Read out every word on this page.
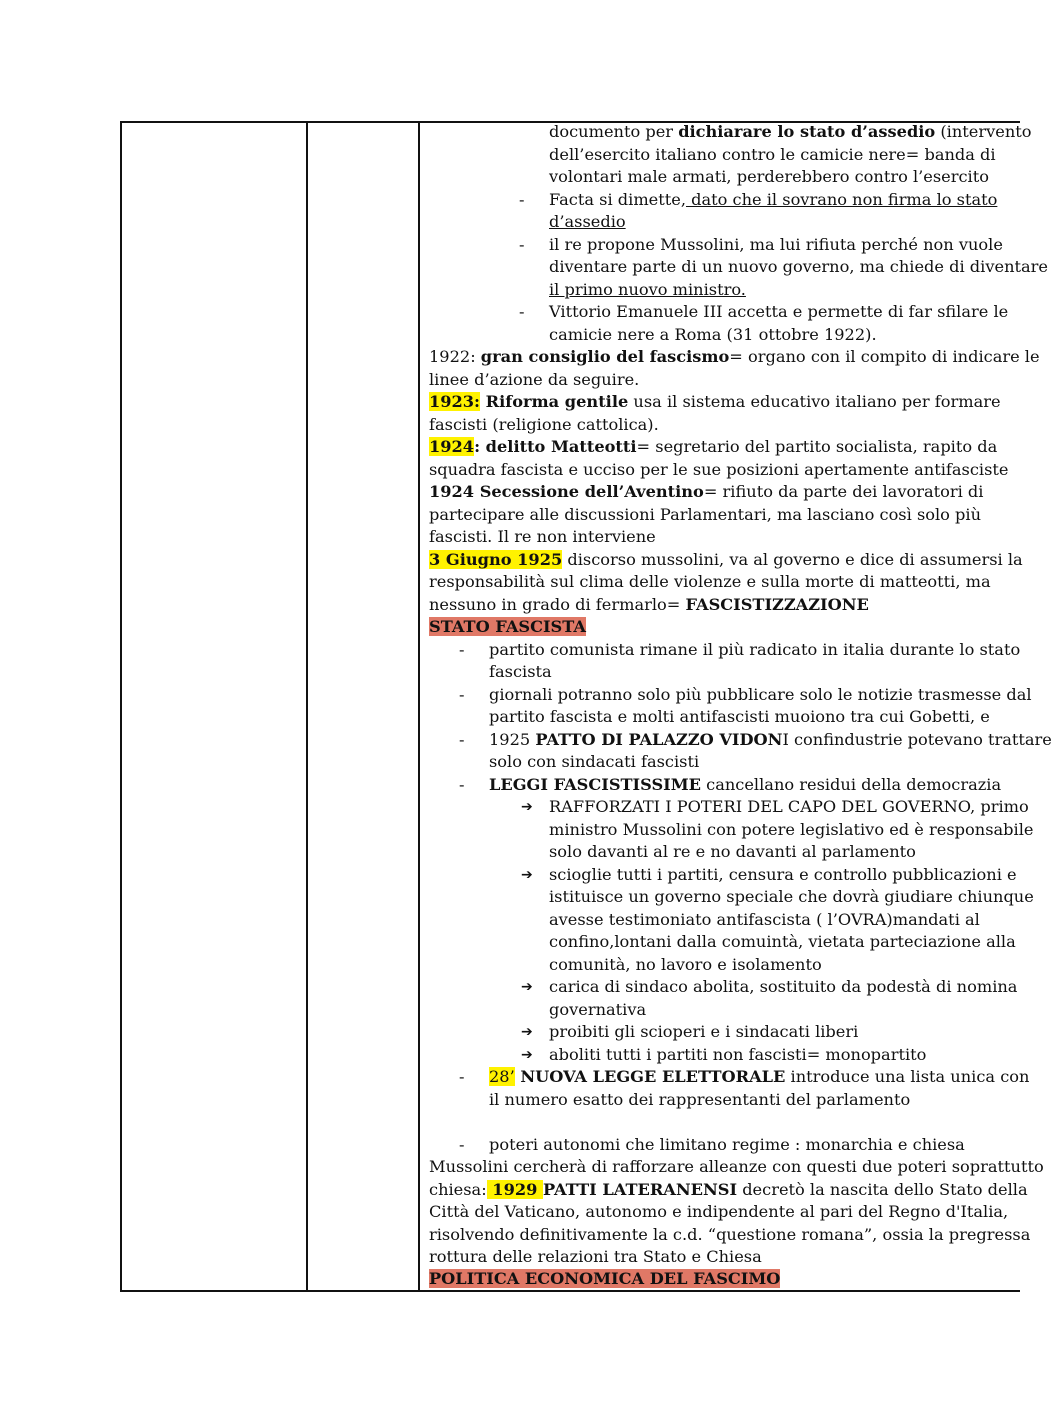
documento per dichiarare lo stato d’assedio (intervento
dell’esercito italiano contro le camicie nere= banda di
volontari male armati, perderebbero contro l’esercito
- Facta si dimette, dato che il sovrano non firma lo stato
d’assedio
- il re propone Mussolini, ma lui rifiuta perché non vuole
diventare parte di un nuovo governo, ma chiede di diventare
il primo nuovo ministro.
- Vittorio Emanuele III accetta e permette di far sfilare le
camicie nere a Roma (31 ottobre 1922).
1922: gran consiglio del fascismo= organo con il compito di indicare le
linee d’azione da seguire.
1923: Riforma gentile usa il sistema educativo italiano per formare
fascisti (religione cattolica).
1924: delitto Matteotti= segretario del partito socialista, rapito da
squadra fascista e ucciso per le sue posizioni apertamente antifasciste
1924 Secessione dell’Aventino= rifiuto da parte dei lavoratori di
partecipare alle discussioni Parlamentari, ma lasciano così solo più
fascisti. Il re non interviene
3 Giugno 1925 discorso mussolini, va al governo e dice di assumersi la
responsabilità sul clima delle violenze e sulla morte di matteotti, ma
nessuno in grado di fermarlo= FASCISTIZZAZIONE
STATO FASCISTA
- partito comunista rimane il più radicato in italia durante lo stato
fascista
- giornali potranno solo più pubblicare solo le notizie trasmesse dal
partito fascista e molti antifascisti muoiono tra cui Gobetti, e
- 1925 PATTO DI PALAZZO VIDONI confindustrie potevano trattare
solo con sindacati fascisti
- LEGGI FASCISTISSIME cancellano residui della democrazia
➔ RAFFORZATI I POTERI DEL CAPO DEL GOVERNO, primo
ministro Mussolini con potere legislativo ed è responsabile
solo davanti al re e no davanti al parlamento
➔ scioglie tutti i partiti, censura e controllo pubblicazioni e
istituisce un governo speciale che dovrà giudiare chiunque
avesse testimoniato antifascista ( l’OVRA)mandati al
confino,lontani dalla comuintà, vietata parteciazione alla
comunità, no lavoro e isolamento
➔ carica di sindaco abolita, sostituito da podestà di nomina
governativa
➔ proibiti gli scioperi e i sindacati liberi
➔ aboliti tutti i partiti non fascisti= monopartito
- 28’ NUOVA LEGGE ELETTORALE introduce una lista unica con
il numero esatto dei rappresentanti del parlamento
- poteri autonomi che limitano regime : monarchia e chiesa
Mussolini cercherà di rafforzare alleanze con questi due poteri soprattutto
chiesa: 1929 PATTI LATERANENSI decretò la nascita dello Stato della
Città del Vaticano, autonomo e indipendente al pari del Regno d'Italia,
risolvendo definitivamente la c.d. “questione romana”, ossia la pregressa
rottura delle relazioni tra Stato e Chiesa
POLITICA ECONOMICA DEL FASCIMO
